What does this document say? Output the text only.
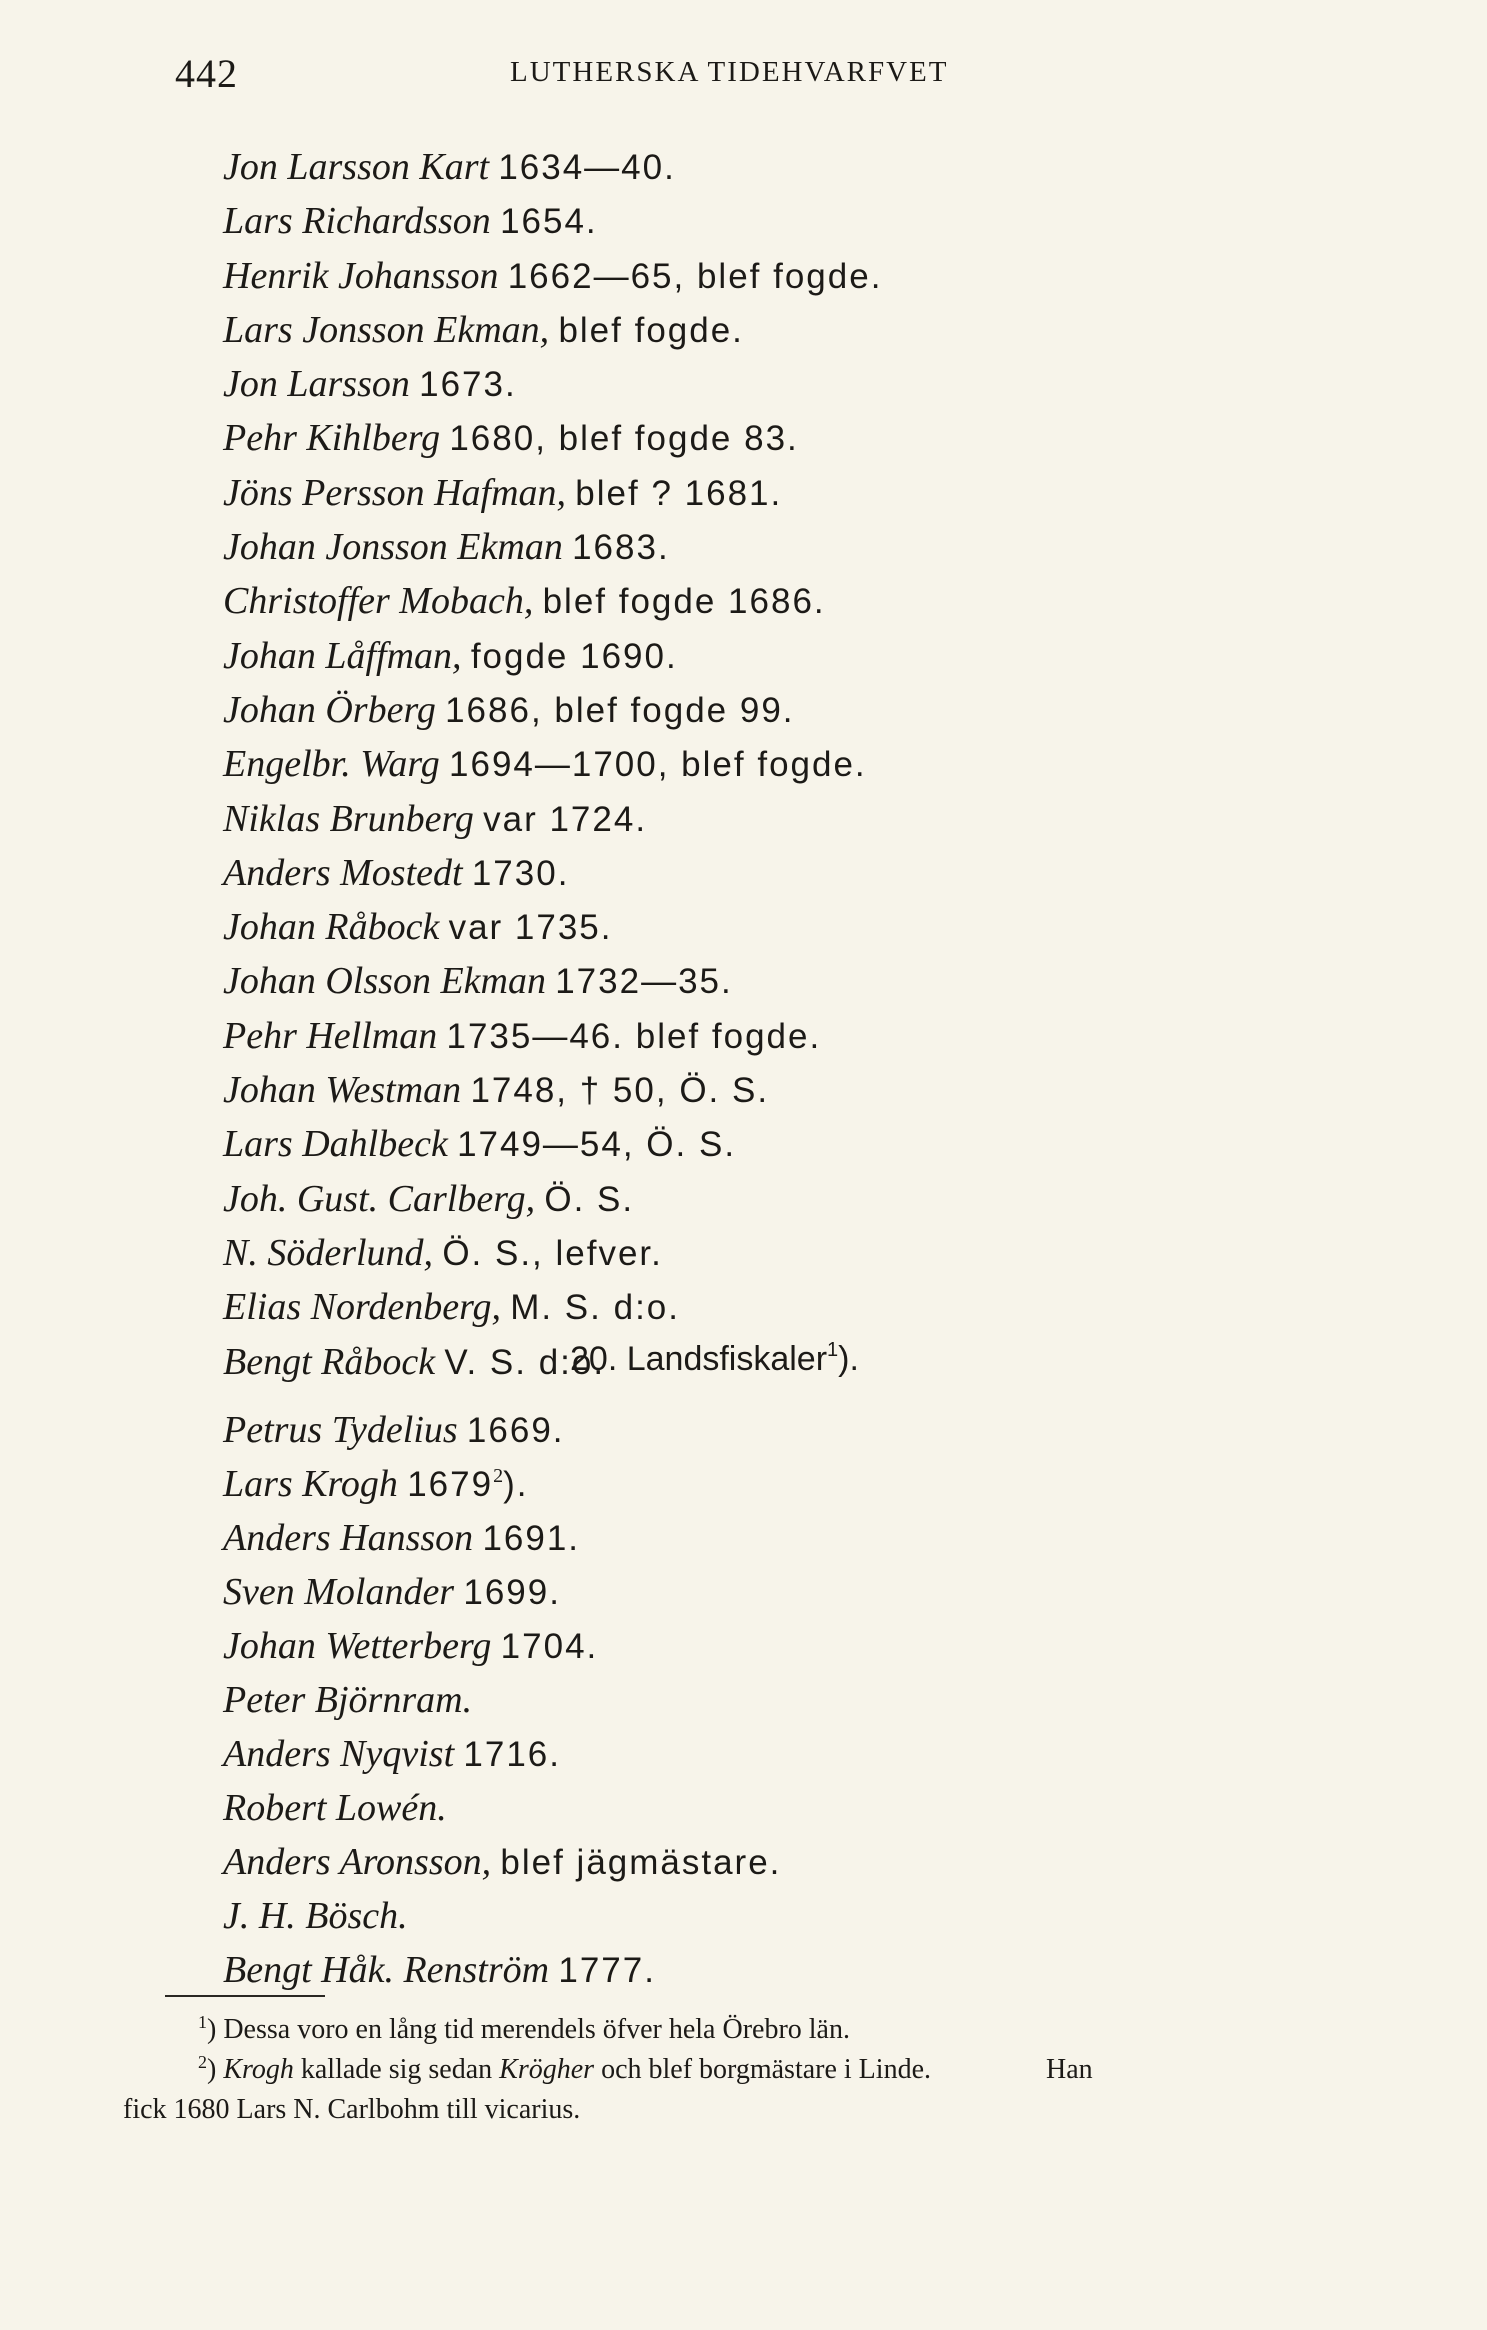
442	LUTHERSKA TIDEHVARFVET
Jon Larsson Kart 1634—40.
Lars Richardsson 1654.
Henrik Johansson 1662—65, blef fogde.
Lars Jonsson Ekman, blef fogde.
Jon Larsson 1673.
Pehr Kihlberg 1680, blef fogde 83.
Jöns Persson Hafman, blef ? 1681.
Johan Jonsson Ekman 1683.
Christoffer Mobach, blef fogde 1686.
Johan Låffman, fogde 1690.
Johan Örberg 1686, blef fogde 99.
Engelbr. Warg 1694—1700, blef fogde.
Niklas Brunberg var 1724.
Anders Mostedt 1730.
Johan Råbock var 1735.
Johan Olsson Ekman 1732—35.
Pehr Hellman 1735—46. blef fogde.
Johan Westman 1748, † 50, Ö. S.
Lars Dahlbeck 1749—54, Ö. S.
Joh. Gust. Carlberg, Ö. S.
N. Söderlund, Ö. S., lefver.
Elias Nordenberg, M. S. d:o.
Bengt Råbock V. S. d:o.
20. Landsfiskaler$^1$).
Petrus Tydelius 1669.
Lars Krogh 1679$^2$).
Anders Hansson 1691.
Sven Molander 1699.
Johan Wetterberg 1704.
Peter Björnram.
Anders Nyqvist 1716.
Robert Lowén.
Anders Aronsson, blef jägmästare.
J. H. Bösch.
Bengt Håk. Renström 1777.
$^1$) Dessa voro en lång tid merendels öfver hela Örebro län.
$^2$) Krogh kallade sig sedan Krögher och blef borgmästare i Linde.	Han
fick 1680 Lars N. Carlbohm till vicarius.
